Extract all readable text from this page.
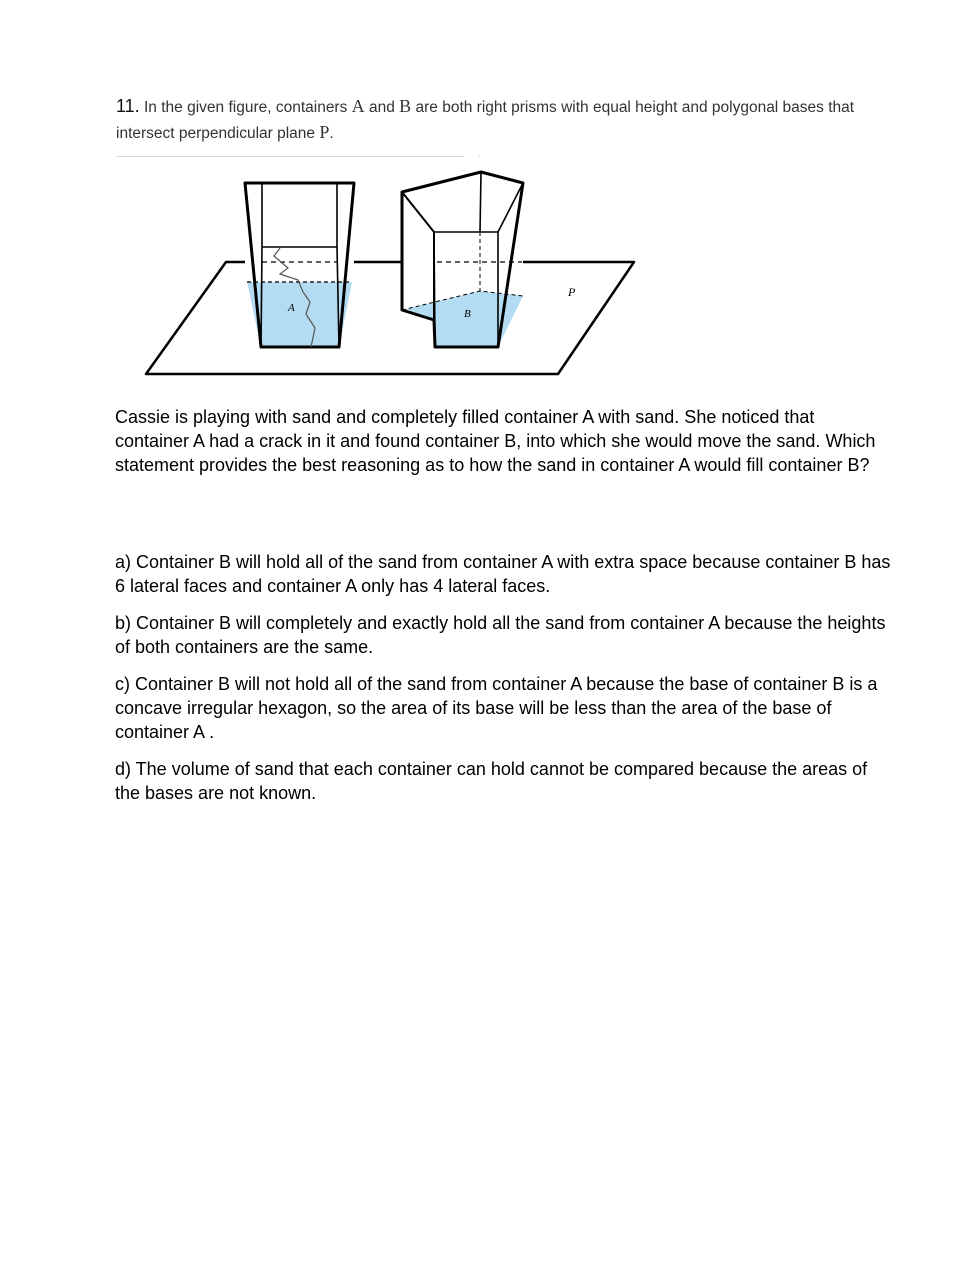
11. In the given figure, containers A and B are both right prisms with equal height and polygonal bases that intersect perpendicular plane P.
A	B
P
Cassie is playing with sand and completely filled container A with sand. She noticed that container A had a crack in it and found container B, into which she would move the sand. Which statement provides the best reasoning as to how the sand in container A would fill container B?

a) Container B will hold all of the sand from container A with extra space because container B has 6 lateral faces and container A only has 4 lateral faces.

b) Container B will completely and exactly hold all the sand from container A because the heights of both containers are the same.

c) Container B will not hold all of the sand from container A because the base of container B is a concave irregular hexagon, so the area of its base will be less than the area of the base of container A .

d) The volume of sand that each container can hold cannot be compared because the areas of the bases are not known.
